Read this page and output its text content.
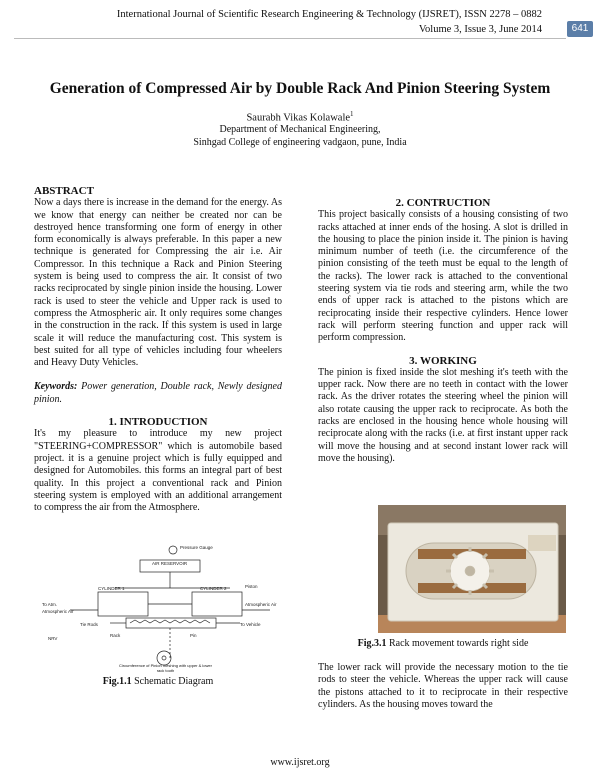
International Journal of Scientific Research Engineering & Technology (IJSRET), ISSN 2278 – 0882
Volume 3, Issue 3, June 2014	641
Generation of Compressed Air by Double Rack And Pinion Steering System
Saurabh Vikas Kolawale$^1$
Department of Mechanical Engineering,
Sinhgad College of engineering vadgaon, pune, India
ABSTRACT

Now a days there is increase in the demand for the energy. As we know that energy can neither be created nor can be destroyed hence transforming one form of energy in other form economically is always preferable. In this paper a new technique is generated for Compressing the air i.e. Air Compressor. In this technique a Rack and Pinion Steering system is being used to compress the air. It consist of two racks reciprocated by single pinion inside the housing. Lower rack is used to steer the vehicle and Upper rack is used to compress the Atmospheric air. It only requires some changes in the construction in the rack. If this system is used in large scale it will reduce the manufacturing cost. This system is best suited for all type of vehicles including four wheelers and Heavy Duty Vehicles.

Keywords: Power generation, Double rack, Newly designed pinion.

1. INTRODUCTION

It's my pleasure to introduce my new project "STEERING+COMPRESSOR" which is automobile based project. it is a genuine project which is fully equipped and designed for Automobiles. this forms an integral part of best quality. In this project a conventional rack and Pinion steering system is employed with an additional arrangement to compress the air from the Atmosphere.

Pressure Gauge
AIR RESERVOIR
CYLINDER 1	CYLINDER 2	Piston
To Atm.
Atmospheric Air
Atmospheric Air
Tie Rods
Rack	Pin
To Vehicle
NRV
Circumference of Pinion meshing with upper & lower rack tooth
Fig.1.1 Schematic Diagram
2. CONTRUCTION

This project basically consists of a housing consisting of two racks attached at inner ends of the hosing. A slot is drilled in the housing to place the pinion inside it. The pinion is having minimum number of teeth (i.e. the circumference of the pinion consisting of the teeth must be equal to the length of the racks). The lower rack is attached to the conventional steering system via tie rods and steering arm, while the two ends of upper rack is attached to the pistons which are reciprocating inside their respective cylinders. Hence lower rack will perform steering function and upper rack will perform compression.

3. WORKING

The pinion is fixed inside the slot meshing it's teeth with the upper rack. Now there are no teeth in contact with the lower rack. As the driver rotates the steering wheel the pinion will also rotate causing the upper rack to reciprocate. As both the racks are enclosed in the housing hence whole housing will reciprocate along with the racks (i.e. at first instant upper rack will move the housing and at second instant lower rack will move the housing).

Fig.3.1 Rack movement towards right side

The lower rack will provide the necessary motion to the tie rods to steer the vehicle. Whereas the upper rack will cause the pistons attached to it to reciprocate in their respective cylinders. As the housing moves toward the

www.ijsret.org
